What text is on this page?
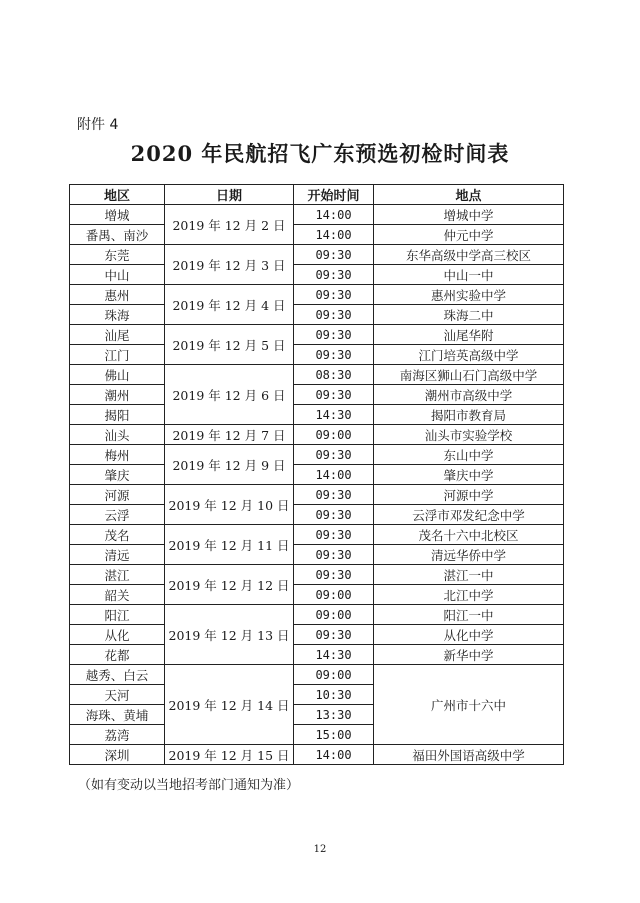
附件 4
2020 年民航招飞广东预选初检时间表
地区	日期	开始时间	地点
增城	2019 年 12 月 2 日	14:00	增城中学
番禺、南沙		14:00	仲元中学
东莞	2019 年 12 月 3 日	09:30	东华高级中学高三校区
中山		09:30	中山一中
惠州	2019 年 12 月 4 日	09:30	惠州实验中学
珠海		09:30	珠海二中
汕尾	2019 年 12 月 5 日	09:30	汕尾华附
江门		09:30	江门培英高级中学
佛山	2019 年 12 月 6 日	08:30	南海区狮山石门高级中学
潮州		09:30	潮州市高级中学
揭阳		14:30	揭阳市教育局
汕头	2019 年 12 月 7 日	09:00	汕头市实验学校
梅州	2019 年 12 月 9 日	09:30	东山中学
肇庆		14:00	肇庆中学
河源	2019 年 12 月 10 日	09:30	河源中学
云浮		09:30	云浮市邓发纪念中学
茂名	2019 年 12 月 11 日	09:30	茂名十六中北校区
清远		09:30	清远华侨中学
湛江	2019 年 12 月 12 日	09:30	湛江一中
韶关		09:00	北江中学
阳江	2019 年 12 月 13 日	09:00	阳江一中
从化		09:30	从化中学
花都		14:30	新华中学
越秀、白云	2019 年 12 月 14 日	09:00	广州市十六中
天河		10:30	
海珠、黄埔		13:30	
荔湾		15:00	
深圳	2019 年 12 月 15 日	14:00	福田外国语高级中学
（如有变动以当地招考部门通知为准）
12
